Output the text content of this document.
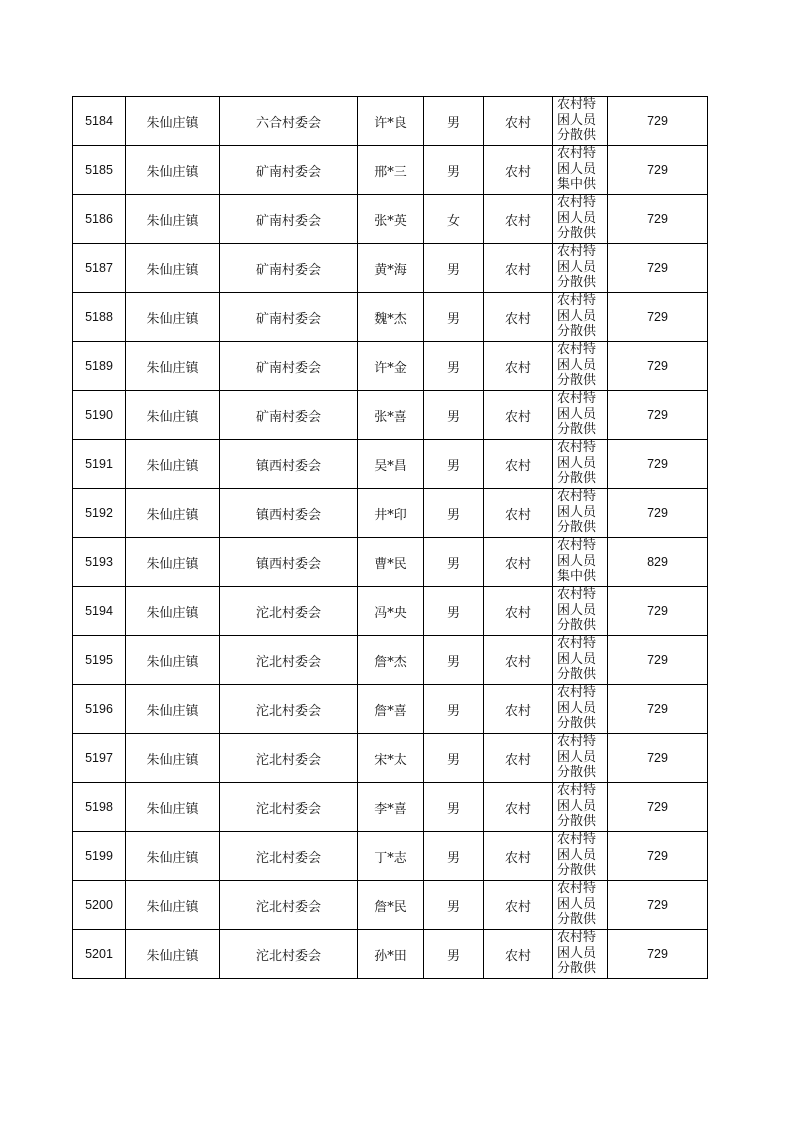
5184	朱仙庄镇	六合村委会	许*良	男	农村	农村特困人员分散供	729
5185	朱仙庄镇	矿南村委会	邢*三	男	农村	农村特困人员集中供	729
5186	朱仙庄镇	矿南村委会	张*英	女	农村	农村特困人员分散供	729
5187	朱仙庄镇	矿南村委会	黄*海	男	农村	农村特困人员分散供	729
5188	朱仙庄镇	矿南村委会	魏*杰	男	农村	农村特困人员分散供	729
5189	朱仙庄镇	矿南村委会	许*金	男	农村	农村特困人员分散供	729
5190	朱仙庄镇	矿南村委会	张*喜	男	农村	农村特困人员分散供	729
5191	朱仙庄镇	镇西村委会	吴*昌	男	农村	农村特困人员分散供	729
5192	朱仙庄镇	镇西村委会	井*印	男	农村	农村特困人员分散供	729
5193	朱仙庄镇	镇西村委会	曹*民	男	农村	农村特困人员集中供	829
5194	朱仙庄镇	沱北村委会	冯*央	男	农村	农村特困人员分散供	729
5195	朱仙庄镇	沱北村委会	詹*杰	男	农村	农村特困人员分散供	729
5196	朱仙庄镇	沱北村委会	詹*喜	男	农村	农村特困人员分散供	729
5197	朱仙庄镇	沱北村委会	宋*太	男	农村	农村特困人员分散供	729
5198	朱仙庄镇	沱北村委会	李*喜	男	农村	农村特困人员分散供	729
5199	朱仙庄镇	沱北村委会	丁*志	男	农村	农村特困人员分散供	729
5200	朱仙庄镇	沱北村委会	詹*民	男	农村	农村特困人员分散供	729
5201	朱仙庄镇	沱北村委会	孙*田	男	农村	农村特困人员分散供	729
